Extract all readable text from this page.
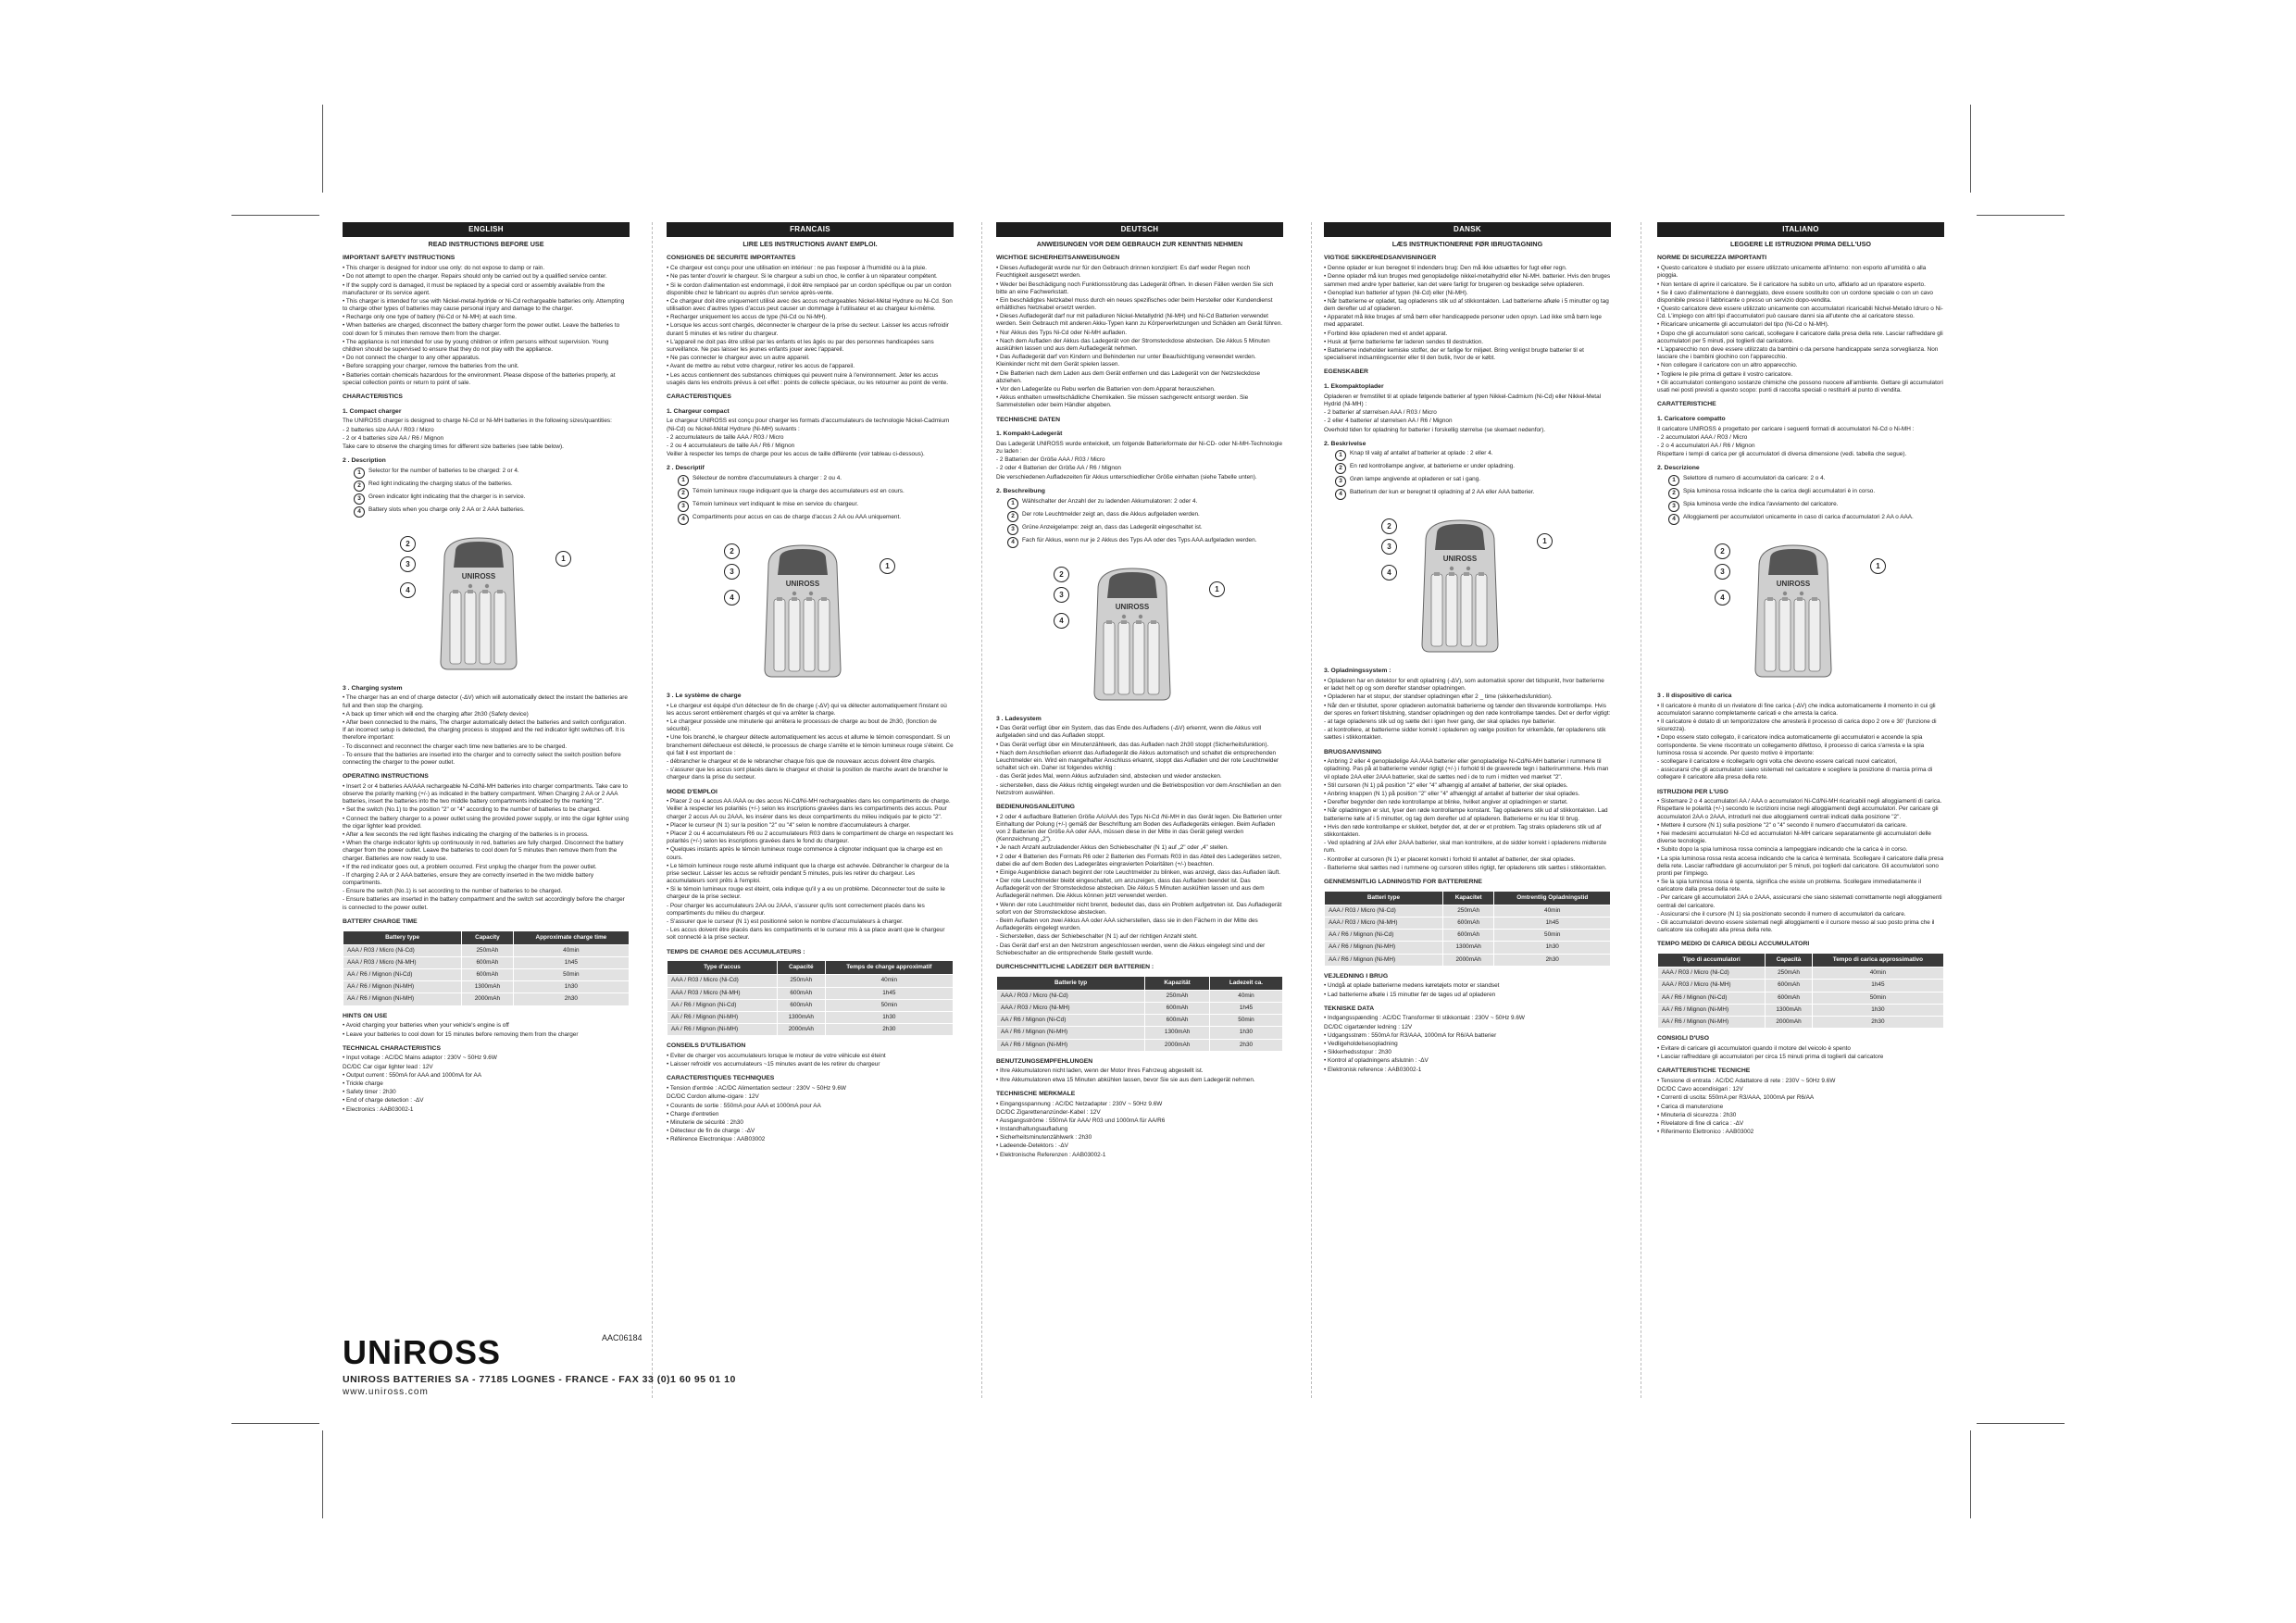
ENGLISH
READ INSTRUCTIONS BEFORE USE
IMPORTANT SAFETY INSTRUCTIONS
• This charger is designed for indoor use only: do not expose to damp or rain.
• Do not attempt to open the charger. Repairs should only be carried out by a qualified service center.
• If the supply cord is damaged, it must be replaced by a special cord or assembly available from the manufacturer or its service agent.
• This charger is intended for use with Nickel-metal-hydride or Ni-Cd rechargeable batteries only. Attempting to charge other types of batteries may cause personal injury and damage to the charger.
• Recharge only one type of battery (Ni-Cd or Ni-MH) at each time.
• When batteries are charged, disconnect the battery charger form the power outlet. Leave the batteries to cool down for 5 minutes then remove them from the charger.
• The appliance is not intended for use by young children or infirm persons without supervision. Young children should be supervised to ensure that they do not play with the appliance.
• Do not connect the charger to any other apparatus.
• Before scrapping your charger, remove the batteries from the unit.
• Batteries contain chemicals hazardous for the environment. Please dispose of the batteries properly, at special collection points or return to point of sale.
CHARACTERISTICS
1. Compact charger
The UNIROSS charger is designed to charge Ni-Cd or Ni-MH batteries in the following sizes/quantities:
- 2 batteries size AAA / R03 / Micro
- 2 or 4 batteries size AA / R6 / Mignon
Take care to observe the charging times for different size batteries (see table below).
2 . Description
1	Selector for the number of batteries to be charged: 2 or 4.
2	Red light indicating the charging status of the batteries.
3	Green indicator light indicating that the charger is in service.
4	Battery slots when you charge only 2 AA or 2 AAA batteries.
UNIROSS
1
2
3
4
3 . Charging system
• The charger has an end of charge detector (-ΔV) which will automatically detect the instant the batteries are full and then stop the charging.
• A back up timer which will end the charging after 2h30 (Safety device)
• After been connected to the mains, The charger automatically detect the batteries and switch configuration. If an incorrect setup is detected, the charging process is stopped and the red indicator light switches off. It is therefore important:
- To disconnect and reconnect the charger each time new batteries are to be charged.
- To ensure that the batteries are inserted into the charger and to correctly select the switch position before connecting the charger to the power outlet.
OPERATING INSTRUCTIONS
• Insert 2 or 4 batteries AA/AAA rechargeable Ni-Cd/Ni-MH batteries into charger compartments. Take care to observe the polarity marking (+/-) as indicated in the battery compartment. When Charging 2 AA or 2 AAA batteries, insert the batteries into the two middle battery compartments indicated by the marking "2".
• Set the switch (No.1) to the position "2" or "4" according to the number of batteries to be charged.
• Connect the battery charger to a power outlet using the provided power supply, or into the cigar lighter using the cigar lighter lead provided.
• After a few seconds the red light flashes indicating the charging of the batteries is in process.
• When the charge indicator lights up continuously in red, batteries are fully charged. Disconnect the battery charger from the power outlet. Leave the batteries to cool down for 5 minutes then remove them from the charger. Batteries are now ready to use.
• If the red indicator goes out, a problem occurred. First unplug the charger from the power outlet.
- If charging 2 AA or 2 AAA batteries, ensure they are correctly inserted in the two middle battery compartments.
- Ensure the switch (No.1) is set according to the number of batteries to be charged.
- Ensure batteries are inserted in the battery compartment and the switch set accordingly before the charger is connected to the power outlet.
BATTERY CHARGE TIME
Battery type	Capacity	Approximate charge time
AAA / R03 / Micro (Ni-Cd)	250mAh	40min
AAA / R03 / Micro (Ni-MH)	600mAh	1h45
AA / R6 / Mignon (Ni-Cd)	600mAh	50min
AA / R6 / Mignon (Ni-MH)	1300mAh	1h30
AA / R6 / Mignon (Ni-MH)	2000mAh	2h30
HINTS ON USE
• Avoid charging your batteries when your vehicle's engine is off
• Leave your batteries to cool down for 15 minutes before removing them from the charger
TECHNICAL CHARACTERISTICS
• Input voltage : AC/DC Mains adaptor : 230V ~ 50Hz 9.6W
DC/DC Car cigar lighter lead : 12V
• Output current : 550mA for AAA and 1000mA for AA
• Trickle charge
• Safety timer : 2h30
• End of charge detection : -ΔV
• Electronics : AAB03002-1
FRANCAIS
LIRE LES INSTRUCTIONS AVANT EMPLOI.
CONSIGNES DE SECURITE IMPORTANTES
• Ce chargeur est conçu pour une utilisation en intérieur : ne pas l'exposer à l'humidité ou à la pluie.
• Ne pas tenter d'ouvrir le chargeur. Si le chargeur a subi un choc, le confier à un réparateur compétent.
• Si le cordon d'alimentation est endommagé, il doit être remplacé par un cordon spécifique ou par un cordon disponible chez le fabricant ou auprès d'un service après-vente.
• Ce chargeur doit être uniquement utilisé avec des accus rechargeables Nickel-Métal Hydrure ou Ni-Cd. Son utilisation avec d'autres types d'accus peut causer un dommage à l'utilisateur et au chargeur lui-même.
• Recharger uniquement les accus de type (Ni-Cd ou Ni-MH).
• Lorsque les accus sont chargés, déconnecter le chargeur de la prise du secteur. Laisser les accus refroidir durant 5 minutes et les retirer du chargeur.
• L'appareil ne doit pas être utilisé par les enfants et les âgés ou par des personnes handicapées sans surveillance. Ne pas laisser les jeunes enfants jouer avec l'appareil.
• Ne pas connecter le chargeur avec un autre appareil.
• Avant de mettre au rebut votre chargeur, retirer les accus de l'appareil.
• Les accus contiennent des substances chimiques qui peuvent nuire à l'environnement. Jeter les accus usagés dans les endroits prévus à cet effet : points de collecte spéciaux, ou les retourner au point de vente.
CARACTERISTIQUES
1. Chargeur compact
Le chargeur UNIROSS est conçu pour charger les formats d'accumulateurs de technologie Nickel-Cadmium (Ni-Cd) ou Nickel-Métal Hydrure (Ni-MH) suivants :
- 2 accumulateurs de taille AAA / R03 / Micro
- 2 ou 4 accumulateurs de taille AA / R6 / Mignon
Veiller à respecter les temps de charge pour les accus de taille différente (voir tableau ci-dessous).
2 . Descriptif
1	Sélecteur de nombre d'accumulateurs à charger : 2 ou 4.
2	Témoin lumineux rouge indiquant que la charge des accumulateurs est en cours.
3	Témoin lumineux vert indiquant le mise en service du chargeur.
4	Compartiments pour accus en cas de charge d'accus 2 AA ou AAA uniquement.
UNIROSS
1
2
3
4
3 . Le système de charge
• Le chargeur est équipé d'un détecteur de fin de charge (-ΔV) qui va détecter automatiquement l'instant où les accus seront entièrement chargés et qui va arrêter la charge.
• Le chargeur possède une minuterie qui arrêtera le processus de charge au bout de 2h30, (fonction de sécurité).
• Une fois branché, le chargeur détecte automatiquement les accus et allume le témoin correspondant. Si un branchement défectueux est détecté, le processus de charge s'arrête et le témoin lumineux rouge s'éteint. Ce qui fait il est important de :
- débrancher le chargeur et de le rebrancher chaque fois que de nouveaux accus doivent être chargés.
- s'assurer que les accus sont placés dans le chargeur et choisir la position de marche avant de brancher le chargeur dans la prise du secteur.
MODE D'EMPLOI
• Placer 2 ou 4 accus AA /AAA ou des accus Ni-Cd/Ni-MH rechargeables dans les compartiments de charge. Veiller à respecter les polarités (+/-) selon les inscriptions gravées dans les compartiments des accus. Pour charger 2 accus AA ou 2AAA, les insérer dans les deux compartiments du milieu indiqués par le picto "2".
• Placer le curseur (N 1) sur la position "2" ou "4" selon le nombre d'accumulateurs à charger.
• Placer 2 ou 4 accumulateurs R6 ou 2 accumulateurs R03 dans le compartiment de charge en respectant les polarités (+/-) selon les inscriptions gravées dans le fond du chargeur.
• Quelques instants après le témoin lumineux rouge commence à clignoter indiquant que la charge est en cours.
• Le témoin lumineux rouge reste allumé indiquant que la charge est achevée. Débrancher le chargeur de la prise secteur. Laisser les accus se refroidir pendant 5 minutes, puis les retirer du chargeur. Les accumulateurs sont prêts à l'emploi.
• Si le témoin lumineux rouge est éteint, cela indique qu'il y a eu un problème. Déconnecter tout de suite le chargeur de la prise secteur.
- Pour charger les accumulateurs 2AA ou 2AAA, s'assurer qu'ils sont correctement placés dans les compartiments du milieu du chargeur.
- S'assurer que le curseur (N 1) est positionné selon le nombre d'accumulateurs à charger.
- Les accus doivent être placés dans les compartiments et le curseur mis à sa place avant que le chargeur soit connecté à la prise secteur.
TEMPS DE CHARGE DES ACCUMULATEURS :
Type d'accus	Capacité	Temps de charge approximatif
AAA / R03 / Micro (Ni-Cd)	250mAh	40min
AAA / R03 / Micro (Ni-MH)	600mAh	1h45
AA / R6 / Mignon (Ni-Cd)	600mAh	50min
AA / R6 / Mignon (Ni-MH)	1300mAh	1h30
AA / R6 / Mignon (Ni-MH)	2000mAh	2h30
CONSEILS D'UTILISATION
• Eviter de charger vos accumulateurs lorsque le moteur de votre véhicule est éteint
• Laisser refroidir vos accumulateurs ~15 minutes avant de les retirer du chargeur
CARACTERISTIQUES TECHNIQUES
• Tension d'entrée : AC/DC Alimentation secteur : 230V ~ 50Hz 9.6W
DC/DC Cordon allume-cigare : 12V
• Courants de sortie : 550mA pour AAA et 1000mA pour AA
• Charge d'entretien
• Minuterie de sécurité : 2h30
• Détecteur de fin de charge : -ΔV
• Référence Electronique : AAB03002
DEUTSCH
ANWEISUNGEN VOR DEM GEBRAUCH ZUR KENNTNIS NEHMEN
WICHTIGE SICHERHEITSANWEISUNGEN
• Dieses Aufladegerät wurde nur für den Gebrauch drinnen konzipiert: Es darf weder Regen noch Feuchtigkeit ausgesetzt werden.
• Weder bei Beschädigung noch Funktionsstörung das Ladegerät öffnen. In diesen Fällen werden Sie sich bitte an eine Fachwerkstatt.
• Ein beschädigtes Netzkabel muss durch ein neues spezifisches oder beim Hersteller oder Kundendienst erhältliches Netzkabel ersetzt werden.
• Dieses Aufladegerät darf nur mit palladiuren Nickel-Metallydrid (Ni-MH) und Ni-Cd Batterien verwendet werden. Sein Gebrauch mit anderen Akku-Typen kann zu Körperverletzungen und Schäden am Gerät führen.
• Nur Akkus des Typs Ni-Cd oder Ni-MH aufladen.
• Nach dem Aufladen der Akkus das Ladegerät von der Stromsteckdose abstecken. Die Akkus 5 Minuten auskühlen lassen und aus dem Aufladegerät nehmen.
• Das Aufladegerät darf von Kindern und Behinderten nur unter Beaufsichtigung verwendet werden. Kleinkinder nicht mit dem Gerät spielen lassen.
• Die Batterien nach dem Laden aus dem Gerät entfernen und das Ladegerät von der Netzsteckdose abziehen.
• Vor den Ladegeräte ou Rebu werfen die Batterien von dem Apparat herausziehen.
• Akkus enthalten umweltschädliche Chemikalien. Sie müssen sachgerecht entsorgt werden. Sie Sammelstellen oder beim Händler abgeben.
TECHNISCHE DATEN
1. Kompakt-Ladegerät
Das Ladegerät UNIROSS wurde entwickelt, um folgende Batterieformate der Ni-CD- oder Ni-MH-Technologie zu laden :
- 2 Batterien der Größe AAA / R03 / Micro
- 2 oder 4 Batterien der Größe AA / R6 / Mignon
Die verschiedenen Aufladezeiten für Akkus unterschiedlicher Größe einhalten (siehe Tabelle unten).
2. Beschreibung
1	Wählschalter der Anzahl der zu ladenden Akkumulatoren: 2 oder 4.
2	Der rote Leuchtmelder zeigt an, dass die Akkus aufgeladen werden.
3	Grüne Anzeigelampe: zeigt an, dass das Ladegerät eingeschaltet ist.
4	Fach für Akkus, wenn nur je 2 Akkus des Typs AA oder des Typs AAA aufgeladen werden.
UNIROSS
1
2
3
4
3 . Ladesystem
• Das Gerät verfügt über ein System, das das Ende des Aufladens (-ΔV) erkennt, wenn die Akkus voll aufgeladen sind und das Aufladen stoppt.
• Das Gerät verfügt über ein Minutenzählwerk, das das Aufladen nach 2h30 stoppt (Sicherheitsfunktion).
• Nach dem Anschließen erkennt das Aufladegerät die Akkus automatisch und schaltet die entsprechenden Leuchtmelder ein. Wird ein mangelhafter Anschluss erkannt, stoppt das Aufladen und der rote Leuchtmelder schaltet sich ein. Daher ist folgendes wichtig :
- das Gerät jedes Mal, wenn Akkus aufzuladen sind, abstecken und wieder anstecken.
- sicherstellen, dass die Akkus richtig eingelegt wurden und die Betriebsposition vor dem Anschließen an den Netzstrom auswählen.
BEDIENUNGSANLEITUNG
• 2 oder 4 aufladbare Batterien Größe AA/AAA des Typs Ni-Cd /Ni-MH in das Gerät legen. Die Batterien unter Einhaltung der Polung (+/-) gemäß der Beschriftung am Boden des Aufladegeräts einlegen. Beim Aufladen von 2 Batterien der Größe AA oder AAA, müssen diese in der Mitte in das Gerät gelegt werden (Kennzeichnung „2").
• Je nach Anzahl aufzuladender Akkus den Schiebeschalter (N 1) auf „2" oder „4" stellen.
• 2 oder 4 Batterien des Formats R6 oder 2 Batterien des Formats R03 in das Abteil des Ladegerätes setzen, dabei die auf dem Boden des Ladegerätes eingravierten Polaritäten (+/-) beachten.
• Einige Augenblicke danach beginnt der rote Leuchtmelder zu blinken, was anzeigt, dass das Aufladen läuft.
• Der rote Leuchtmelder bleibt eingeschaltet, um anzuzeigen, dass das Aufladen beendet ist. Das Aufladegerät von der Stromsteckdose abstecken. Die Akkus 5 Minuten auskühlen lassen und aus dem Aufladegerät nehmen. Die Akkus können jetzt verwendet werden.
• Wenn der rote Leuchtmelder nicht brennt, bedeutet das, dass ein Problem aufgetreten ist. Das Aufladegerät sofort von der Stromsteckdose abstecken.
- Beim Aufladen von zwei Akkus AA oder AAA sicherstellen, dass sie in den Fächern in der Mitte des Aufladegeräts eingelegt wurden.
- Sicherstellen, dass der Schiebeschalter (N 1) auf der richtigen Anzahl steht.
- Das Gerät darf erst an den Netzstrom angeschlossen werden, wenn die Akkus eingelegt sind und der Schiebeschalter an die entsprechende Stelle gestellt wurde.
DURCHSCHNITTLICHE LADEZEIT DER BATTERIEN :
Batterie typ	Kapazität	Ladezeit ca.
AAA / R03 / Micro (Ni-Cd)	250mAh	40min
AAA / R03 / Micro (Ni-MH)	600mAh	1h45
AA / R6 / Mignon (Ni-Cd)	600mAh	50min
AA / R6 / Mignon (Ni-MH)	1300mAh	1h30
AA / R6 / Mignon (Ni-MH)	2000mAh	2h30
BENUTZUNGSEMPFEHLUNGEN
• Ihre Akkumulatoren nicht laden, wenn der Motor Ihres Fahrzeug abgestellt ist.
• Ihre Akkumulatoren etwa 15 Minuten abkühlen lassen, bevor Sie sie aus dem Ladegerät nehmen.
TECHNISCHE MERKMALE
• Eingangsspannung : AC/DC Netzadapter : 230V ~ 50Hz 9.6W
DC/DC Zigarettenanzünder-Kabel : 12V
• Ausgangsströme : 550mA für AAA/ R03 und 1000mA für AA/R6
• Instandhaltungsaufladung
• Sicherheitsminutenzählwerk : 2h30
• Ladeende-Detektors : -ΔV
• Elektronische Referenzen : AAB03002-1
DANSK
LÆS INSTRUKTIONERNE FØR IBRUGTAGNING
VIGTIGE SIKKERHEDSANVISNINGER
• Denne oplader er kun beregnet til indendørs brug: Den må ikke udsættes for fugt eller regn.
• Denne oplader må kun bruges med genopladelige nikkel-metalhydrid eller Ni-MH. batterier. Hvis den bruges sammen med andre typer batterier, kan det være farligt for brugeren og beskadige selve opladeren.
• Genoplad kun batterier af typen (Ni-Cd) eller (Ni-MH).
• Når batterierne er opladet, tag opladerens stik ud af stikkontakten. Lad batterierne afkøle i 5 minutter og tag dem derefter ud af opladeren.
• Apparatet må ikke bruges af små børn eller handicappede personer uden opsyn. Lad ikke små børn lege med apparatet.
• Forbind ikke opladeren med et andet apparat.
• Husk at fjerne batterierne før laderen sendes til destruktion.
• Batterierne indeholder kemiske stoffer, der er farlige for miljøet. Bring venligst brugte batterier til et specialiseret indsamlingscenter eller til den butik, hvor de er købt.
EGENSKABER
1. Ekompaktoplader
Opladeren er fremstillet til at oplade følgende batterier af typen Nikkel-Cadmium (Ni-Cd) eller Nikkel-Metal Hydrid (Ni-MH) :
- 2 batterier af størrelsen AAA / R03 / Micro
- 2 eller 4 batterier af størrelsen AA / R6 / Mignon
Overhold tiden for opladning for batterier i forskellig størrelse (se skemaet nedenfor).
2. Beskrivelse
1	Knap til valg af antallet af batterier at oplade : 2 eller 4.
2	En rød kontrollampe angiver, at batterierne er under opladning.
3	Grøn lampe angivende at opladeren er sat i gang.
4	Batterirum der kun er beregnet til opladning af 2 AA eller AAA batterier.
UNIROSS
1
2
3
4
3. Opladningssystem :
• Opladeren har en detektor for endt opladning (-ΔV), som automatisk sporer det tidspunkt, hvor batterierne er ladet helt op og som derefter standser opladningen.
• Opladeren har et stopur, der standser opladningen efter 2 _ time (sikkerhedsfunktion).
• Når den er tilsluttet, sporer opladeren automatisk batterierne og tænder den tilsvarende kontrollampe. Hvis der spores en forkert tilslutning, standser opladningen og den røde kontrollampe tændes. Det er derfor vigtigt:
- at tage opladerens stik ud og sætte det i igen hver gang, der skal oplades nye batterier.
- at kontrollere, at batterierne sidder korrekt i opladeren og vælge position for virkemåde, før opladerens stik sættes i stikkontakten.
BRUGSANVISNING
• Anbring 2 eller 4 genopladelige AA /AAA batterier eller genopladelige Ni-Cd/Ni-MH batterier i rummene til opladning. Pas på at batterierne vender rigtigt (+/-) i forhold til de graverede tegn i batterirummene. Hvis man vil oplade 2AA eller 2AAA batterier, skal de sættes ned i de to rum i midten ved mærket "2".
• Stil cursoren (N 1) på position "2" eller "4" afhængig af antallet af batterier, der skal oplades.
• Anbring knappen (N 1) på position "2" eller "4" afhængigt af antallet af batterier der skal oplades.
• Derefter begynder den røde kontrollampe at blinke, hvilket angiver at opladningen er startet.
• Når opladningen er slut, lyser den røde kontrollampe konstant. Tag opladerens stik ud af stikkontakten. Lad batterierne køle af i 5 minutter, og tag dem derefter ud af opladeren. Batterierne er nu klar til brug.
• Hvis den røde kontrollampe er slukket, betyder det, at der er et problem. Tag straks opladerens stik ud af stikkontakten.
- Ved opladning af 2AA eller 2AAA batterier, skal man kontrollere, at de sidder korrekt i opladerens midterste rum.
- Kontroller at cursoren (N 1) er placeret korrekt i forhold til antallet af batterier, der skal oplades.
- Batterierne skal sættes ned i rummene og cursoren stilles rigtigt, før opladerens stik sættes i stikkontakten.
GENNEMSNITLIG LADNINGSTID FOR BATTERIERNE
Batteri type	Kapacitet	Omtrentlig Opladningstid
AAA / R03 / Micro (Ni-Cd)	250mAh	40min
AAA / R03 / Micro (Ni-MH)	600mAh	1h45
AA / R6 / Mignon (Ni-Cd)	600mAh	50min
AA / R6 / Mignon (Ni-MH)	1300mAh	1h30
AA / R6 / Mignon (Ni-MH)	2000mAh	2h30
VEJLEDNING I BRUG
• Undgå at oplade batterierne medens køretøjets motor er standset
• Lad batterierne afkøle i 15 minutter før de tages ud af opladeren
TEKNISKE DATA
• Indgangsspænding : AC/DC Transformer til stikkontakt : 230V ~ 50Hz 9.6W
DC/DC cigartænder ledning : 12V
• Udgangsstrøm : 550mA for R3/AAA, 1000mA for R6/AA batterier
• Vedligeholdelsesopladning
• Sikkerhedsstopur : 2h30
• Kontrol af opladningens afslutnin : -ΔV
• Elektronisk reference : AAB03002-1
ITALIANO
LEGGERE LE ISTRUZIONI PRIMA DELL'USO
NORME DI SICUREZZA IMPORTANTI
• Questo caricatore è studiato per essere utilizzato unicamente all'interno: non esporlo all'umidità o alla pioggia.
• Non tentare di aprire il caricatore. Se il caricatore ha subito un urto, affidarlo ad un riparatore esperto.
• Se il cavo d'alimentazione è danneggiato, deve essere sostituito con un cordone speciale o con un cavo disponibile presso il fabbricante o presso un servizio dopo-vendita.
• Questo caricatore deve essere utilizzato unicamente con accumulatori ricaricabili Nichel-Metallo Idruro o Ni-Cd. L'impiego con altri tipi d'accumulatori può causare danni sia all'utente che al caricatore stesso.
• Ricaricare unicamente gli accumulatori del tipo (Ni-Cd o Ni-MH).
• Dopo che gli accumulatori sono caricati, scollegare il caricatore dalla presa della rete. Lasciar raffreddare gli accumulatori per 5 minuti, poi toglierli dal caricatore.
• L'apparecchio non deve essere utilizzato da bambini o da persone handicappate senza sorveglianza. Non lasciare che i bambini giochino con l'apparecchio.
• Non collegare il caricatore con un altro apparecchio.
• Togliere le pile prima di gettare il vostro caricatore.
• Gli accumulatori contengono sostanze chimiche che possono nuocere all'ambiente. Gettare gli accumulatori usati nei posti previsti a questo scopo: punti di raccolta speciali o restituirli al punto di vendita.
CARATTERISTICHE
1. Caricatore compatto
Il caricatore UNIROSS è progettato per caricare i seguenti formati di accumulatori Ni-Cd o Ni-MH :
- 2 accumulatori AAA / R03 / Micro
- 2 o 4 accumulatori AA / R6 / Mignon
Rispettare i tempi di carica per gli accumulatori di diversa dimensione (vedi. tabella che segue).
2. Descrizione
1	Selettore di numero di accumulatori da caricare: 2 o 4.
2	Spia luminosa rossa indicante che la carica degli accumulatori è in corso.
3	Spia luminosa verde che indica l'avviamento del caricatore.
4	Alloggiamenti per accumulatori unicamente in caso di carica d'accumulatori 2 AA o AAA.
UNIROSS
1
2
3
4
3 . Il dispositivo di carica
• Il caricatore è munito di un rivelatore di fine carica (-ΔV) che indica automaticamente il momento in cui gli accumulatori saranno completamente caricati e che arresta la carica.
• Il caricatore è dotato di un temporizzatore che arresterà il processo di carica dopo 2 ore e 30' (funzione di sicurezza).
• Dopo essere stato collegato, il caricatore indica automaticamente gli accumulatori e accende la spia corrispondente. Se viene riscontrato un collegamento difettoso, il processo di carica s'arresta e la spia luminosa rossa si accende. Per questo motivo è importante:
- scollegare il caricatore e ricollegarlo ogni volta che devono essere caricati nuovi caricatori,
- assicurarsi che gli accumulatori siano sistemati nel caricatore e scegliere la posizione di marcia prima di collegare il caricatore alla presa della rete.
ISTRUZIONI PER L'USO
• Sistemare 2 o 4 accumulatori AA / AAA o accumulatori Ni-Cd/Ni-MH ricaricabili negli alloggiamenti di carica. Rispettare le polarità (+/-) secondo le iscrizioni incise negli alloggiamenti degli accumulatori. Per caricare gli accumulatori 2AA o 2AAA, introdurli nei due alloggiamenti centrali indicati dalla posizione "2".
• Mettere il cursore (N 1) sulla posizione "2" o "4" secondo il numero d'accumulatori da caricare.
• Nei medesimi accumulatori Ni-Cd ed accumulatori Ni-MH caricare separatamente gli accumulatori delle diverse tecnologie.
• Subito dopo la spia luminosa rossa comincia a lampeggiare indicando che la carica è in corso.
• La spia luminosa rossa resta accesa indicando che la carica è terminata. Scollegare il caricatore dalla presa della rete. Lasciar raffreddare gli accumulatori per 5 minuti, poi toglierli dal caricatore. Gli accumulatori sono pronti per l'impiego.
• Se la spia luminosa rossa è spenta, significa che esiste un problema. Scollegare immediatamente il caricatore dalla presa della rete.
- Per caricare gli accumulatori 2AA o 2AAA, assicurarsi che siano sistemati correttamente negli alloggiamenti centrali del caricatore.
- Assicurarsi che il cursore (N 1) sia posizionato secondo il numero di accumulatori da caricare.
- Gli accumulatori devono essere sistemati negli alloggiamenti e il cursore messo al suo posto prima che il caricatore sia collegato alla presa della rete.
TEMPO MEDIO DI CARICA DEGLI ACCUMULATORI
Tipo di accumulatori	Capacità	Tempo di carica approssimativo
AAA / R03 / Micro (Ni-Cd)	250mAh	40min
AAA / R03 / Micro (Ni-MH)	600mAh	1h45
AA / R6 / Mignon (Ni-Cd)	600mAh	50min
AA / R6 / Mignon (Ni-MH)	1300mAh	1h30
AA / R6 / Mignon (Ni-MH)	2000mAh	2h30
CONSIGLI D'USO
• Evitare di caricare gli accumulatori quando il motore del veicolo è spento
• Lasciar raffreddare gli accumulatori per circa 15 minuti prima di toglierli dal caricatore
CARATTERISTICHE TECNICHE
• Tensione di entrata : AC/DC Adattatore di rete : 230V ~ 50Hz 9.6W
DC/DC Cavo accendisigari : 12V
• Correnti di uscita: 550mA per R3/AAA, 1000mA per R6/AA
• Carica di manutenzione
• Minuteria di sicurezza : 2h30
• Rivelatore di fine di carica : -ΔV
• Riferimento Elettronico : AAB03002
UNiROSS	AAC06184
UNIROSS BATTERIES SA - 77185 LOGNES - FRANCE - FAX 33 (0)1 60 95 01 10
www.uniross.com
